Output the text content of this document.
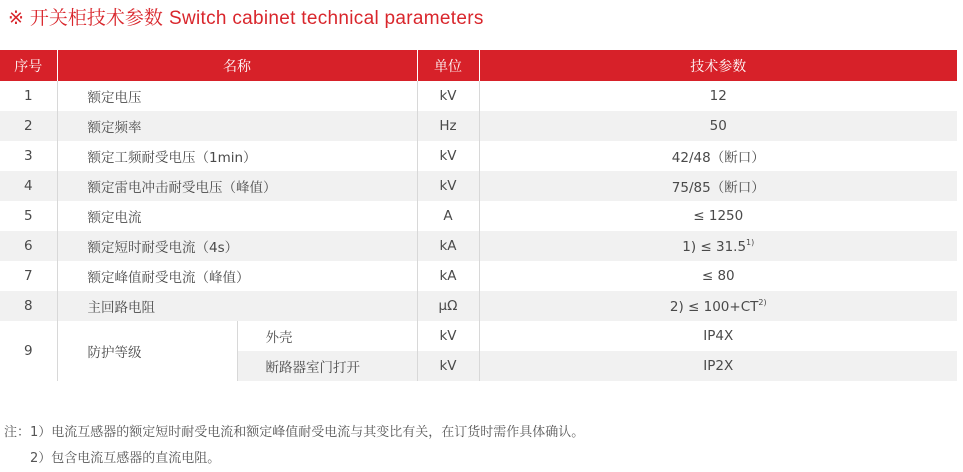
※ 开关柜技术参数 Switch cabinet technical parameters
序号	名称		单位	技术参数
1	额定电压		kV	12
2	额定频率		Hz	50
3	额定工频耐受电压（1min）		kV	42/48（断口）
4	额定雷电冲击耐受电压（峰值）		kV	75/85（断口）
5	额定电流		A	≤ 1250
6	额定短时耐受电流（4s）		kA	$1) \le 31.5^{1)}$
7	额定峰值耐受电流（峰值）		kA	≤ 80
8	主回路电阻		μΩ	$2) \le 100+CT^{2)}$
9	防护等级	外壳	kV	IP4X
		断路器室门打开	kV	IP2X
注：1）电流互感器的额定短时耐受电流和额定峰值耐受电流与其变比有关，在订货时需作具体确认。
2）包含电流互感器的直流电阻。
